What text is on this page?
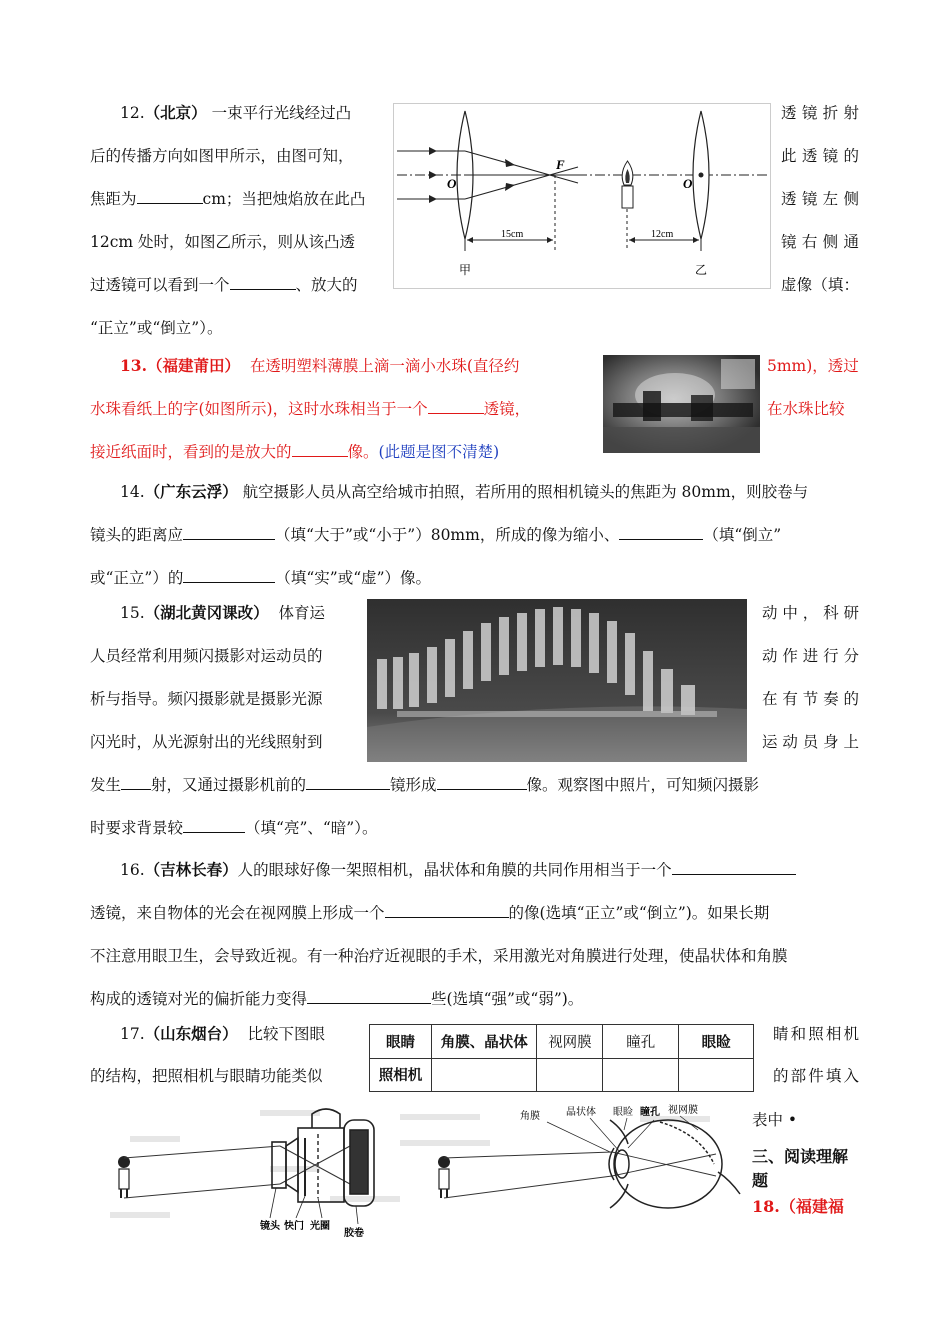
12.（北京） 一束平行光线经过凸
后的传播方向如图甲所示，由图可知，
焦距为	cm；当把烛焰放在此凸
12cm 处时，如图乙所示，则从该凸透
过透镜可以看到一个	、放大的
“正立”或“倒立”）。
透镜折射
此透镜的
透镜左侧
镜右侧通
虚像（填：
O
F
15cm
甲
O
12cm
乙
13.（福建莆田） 在透明塑料薄膜上滴一滴小水珠(直径约	5mm)，透过
水珠看纸上的字(如图所示)，这时水珠相当于一个	透镜，	在水珠比较
接近纸面时，看到的是放大的	像。(此题是图不清楚)
14.（广东云浮） 航空摄影人员从高空给城市拍照，若所用的照相机镜头的焦距为 80mm，则胶卷与
镜头的距离应	（填“大于”或“小于”）80mm，所成的像为缩小、	（填“倒立”
或“正立”）的	（填“实”或“虚”）像。
15.（湖北黄冈课改） 体育运
人员经常利用频闪摄影对运动员的
析与指导。频闪摄影就是摄影光源
闪光时，从光源射出的光线照射到
动中，科研
动作进行分
在有节奏的
运动员身上
发生 射，又通过摄影机前的	镜形成	像。观察图中照片，可知频闪摄影
时要求背景较	（填“亮”、“暗”）。
16.（吉林长春）人的眼球好像一架照相机，晶状体和角膜的共同作用相当于一个
透镜，来自物体的光会在视网膜上形成一个	的像(选填“正立”或“倒立”)。如果长期
不注意用眼卫生，会导致近视。有一种治疗近视眼的手术，采用激光对角膜进行处理，使晶状体和角膜
构成的透镜对光的偏折能力变得	些(选填“强”或“弱”)。
17.（山东烟台） 比较下图眼
的结构，把照相机与眼睛功能类似
睛和照相机
的部件填入
表中 •
眼睛	角膜、晶状体	视网膜	瞳孔	眼睑
照相机				
镜头 快门 光圈
胶卷
角膜	晶状体 眼睑 瞳孔 视网膜
三、阅读理解
题
18.（福建福
